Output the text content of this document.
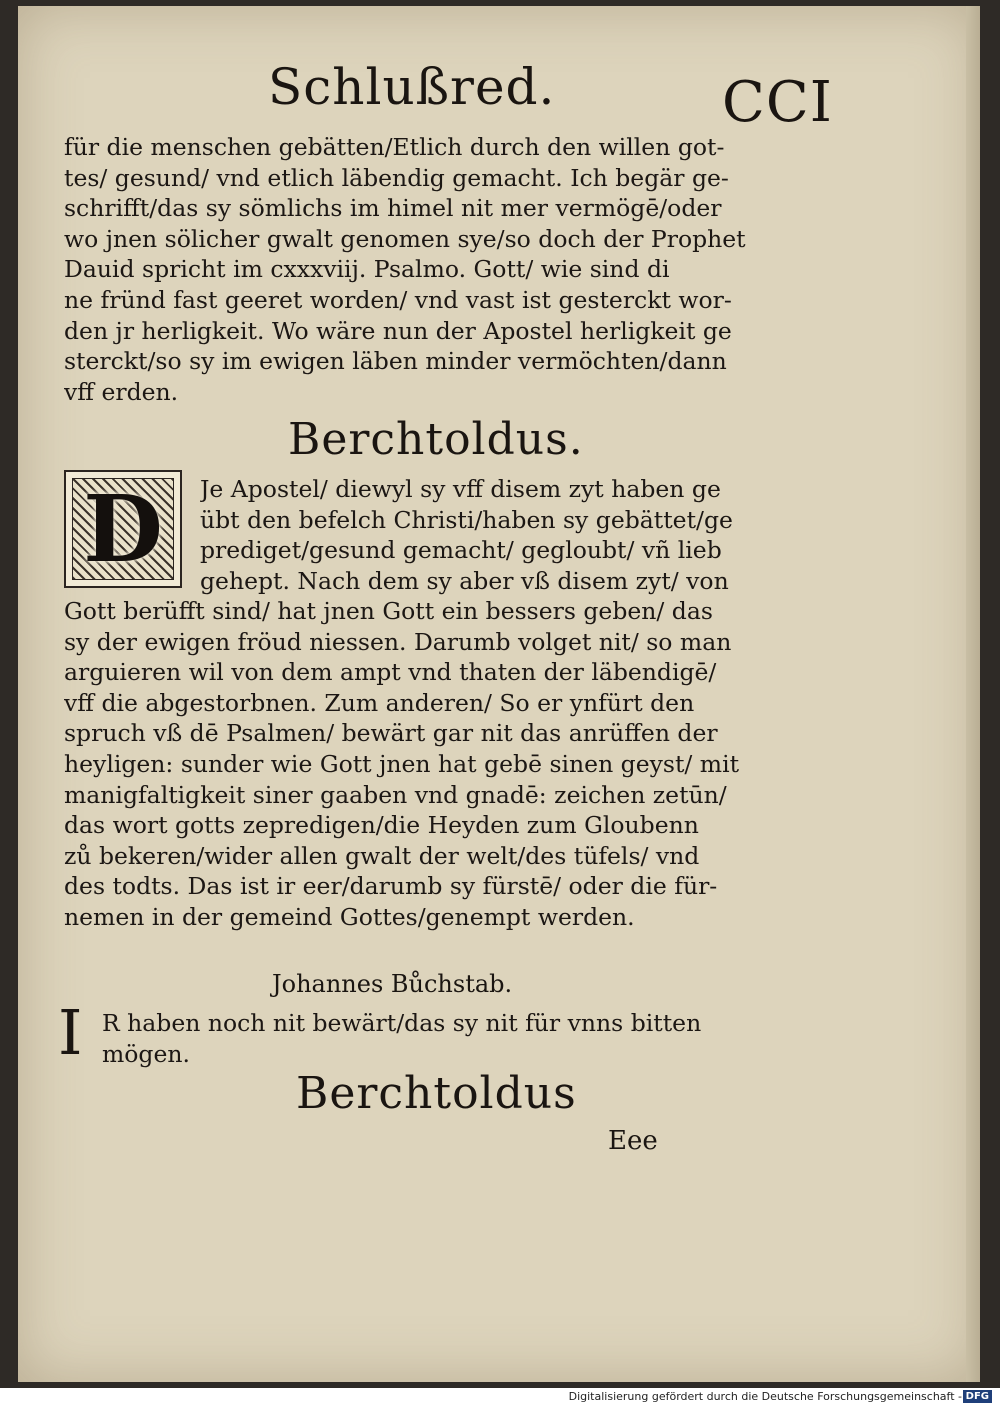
Schlußred.	CCI
für die menschen gebätten/Etlich durch den willen got-
tes/ gesund/ vnd etlich läbendig gemacht. Ich begär ge-
schrifft/das sy sömlichs im himel nit mer vermögē/oder
wo jnen sölicher gwalt genomen sye/so doch der Prophet
Dauid spricht im cxxxviij. Psalmo. Gott/ wie sind di
ne fründ fast geeret worden/ vnd vast ist gesterckt wor-
den jr herligkeit. Wo wäre nun der Apostel herligkeit ge
sterckt/so sy im ewigen läben minder vermöchten/dann
vff erden.
Berchtoldus.
D	Je Apostel/ diewyl sy vff disem zyt haben ge
übt den befelch Christi/haben sy gebättet/ge
prediget/gesund gemacht/ gegloubt/ vñ lieb
gehept. Nach dem sy aber vß disem zyt/ von
Gott berüfft sind/ hat jnen Gott ein bessers geben/ das
sy der ewigen fröud niessen. Darumb volget nit/ so man
arguieren wil von dem ampt vnd thaten der läbendigē/
vff die abgestorbnen. Zum anderen/ So er ynfürt den
spruch vß dē Psalmen/ bewärt gar nit das anrüffen der
heyligen: sunder wie Gott jnen hat gebē sinen geyst/ mit
manigfaltigkeit siner gaaben vnd gnadē: zeichen zetūn/
das wort gotts zepredigen/die Heyden zum Gloubenn
zů bekeren/wider allen gwalt der welt/des tüfels/ vnd
des todts. Das ist ir eer/darumb sy fürstē/ oder die für-
nemen in der gemeind Gottes/genempt werden.
Johannes Bůchstab.
I R haben noch nit bewärt/das sy nit für vnns bitten
mögen.
Berchtoldus
Eee
Digitalisierung gefördert durch die Deutsche Forschungsgemeinschaft - DFG
